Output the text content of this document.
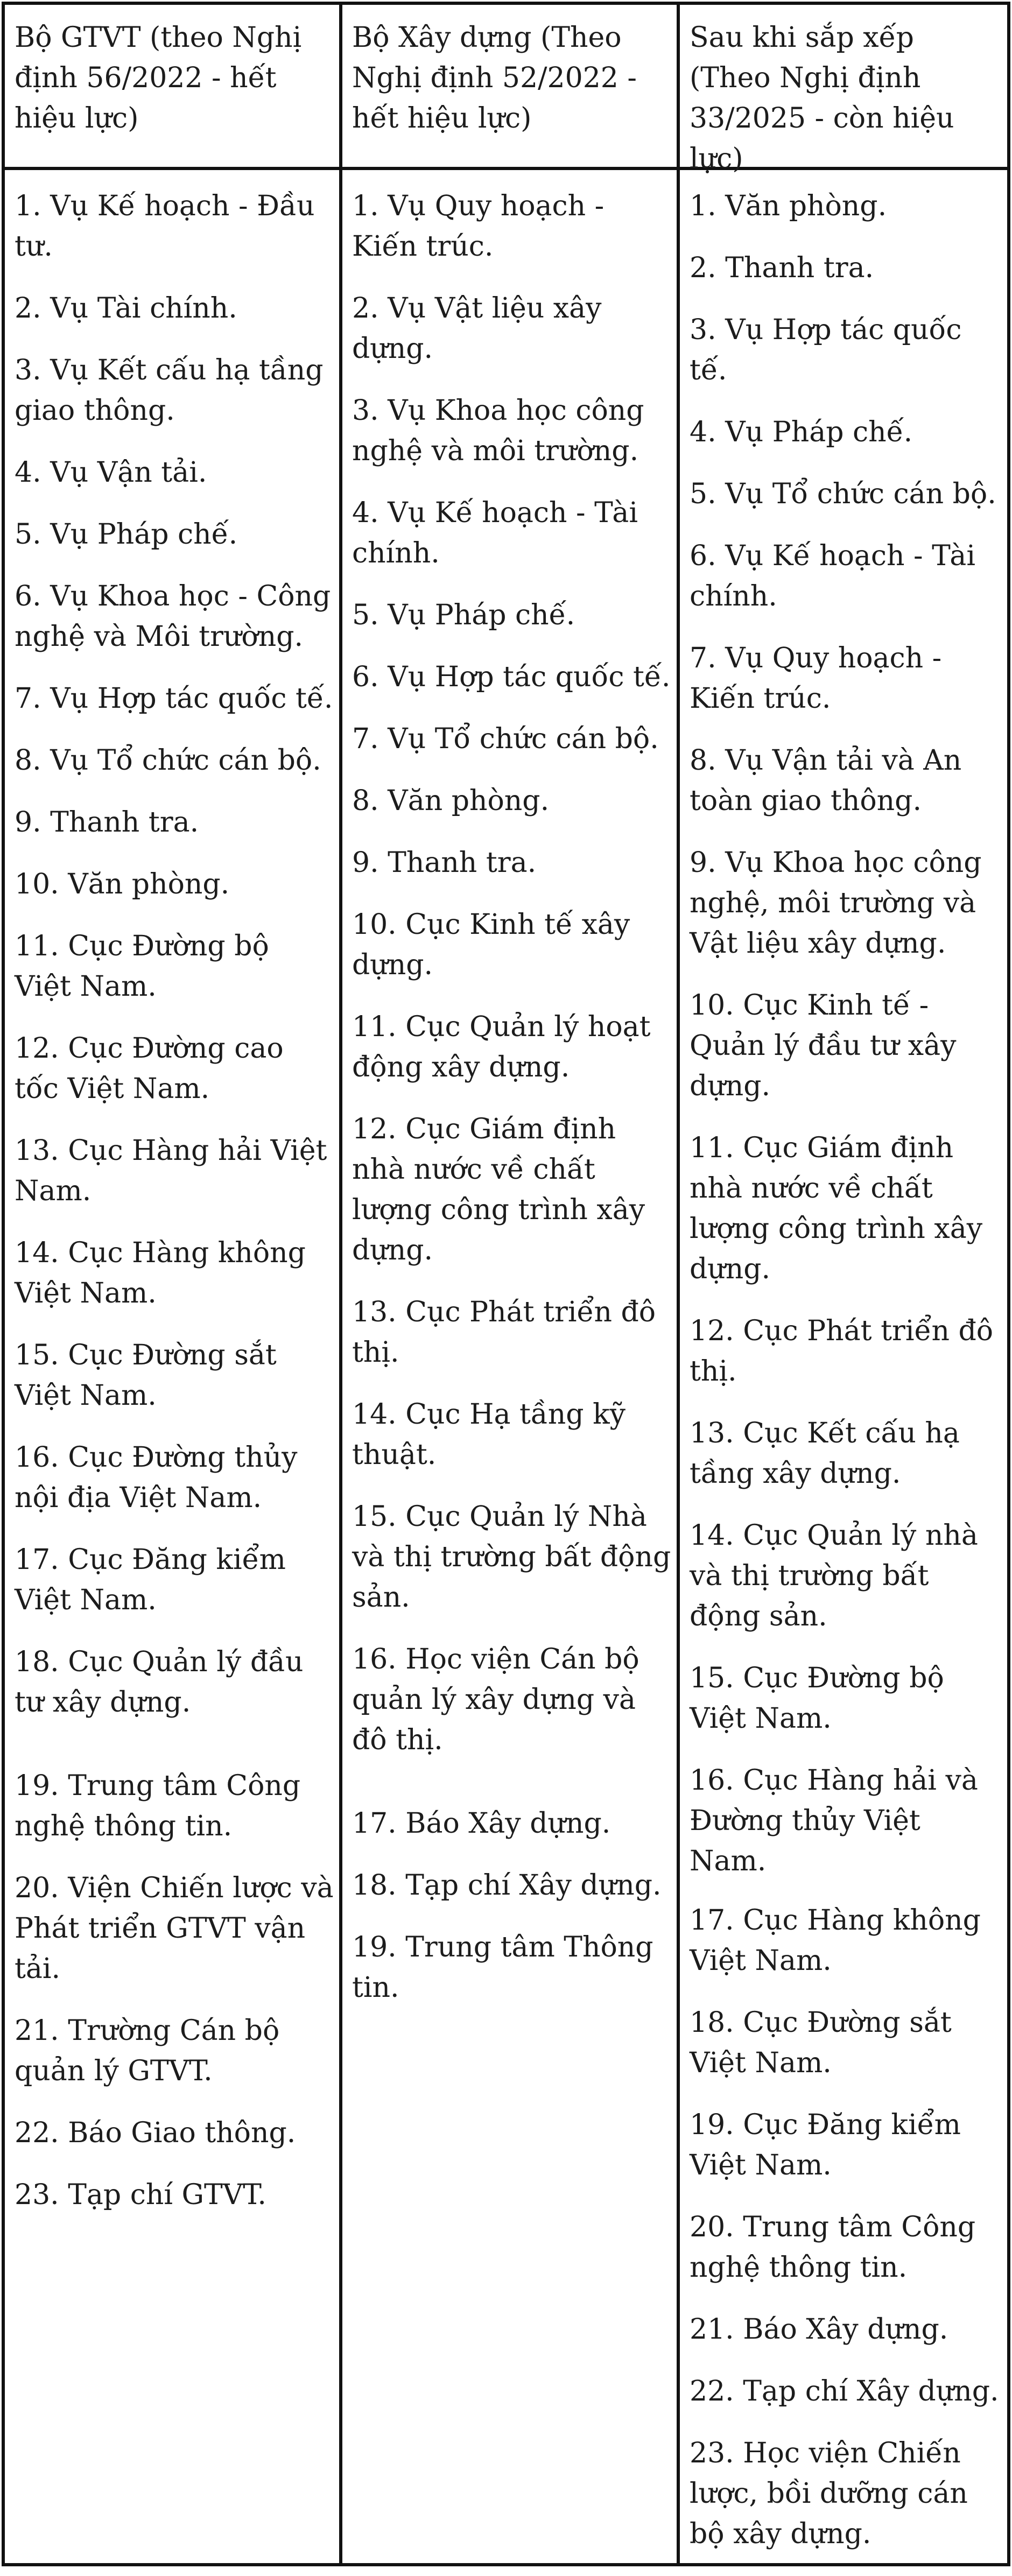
Bộ GTVT (theo Nghị định 56/2022 - hết hiệu lực)
1. Vụ Kế hoạch - Đầu tư.
2. Vụ Tài chính.
3. Vụ Kết cấu hạ tầng giao thông.
4. Vụ Vận tải.
5. Vụ Pháp chế.
6. Vụ Khoa học - Công nghệ và Môi trường.
7. Vụ Hợp tác quốc tế.
8. Vụ Tổ chức cán bộ.
9. Thanh tra.
10. Văn phòng.
11. Cục Đường bộ Việt Nam.
12. Cục Đường cao tốc Việt Nam.
13. Cục Hàng hải Việt Nam.
14. Cục Hàng không Việt Nam.
15. Cục Đường sắt Việt Nam.
16. Cục Đường thủy nội địa Việt Nam.
17. Cục Đăng kiểm Việt Nam.
18. Cục Quản lý đầu tư xây dựng.
19. Trung tâm Công nghệ thông tin.
20. Viện Chiến lược và Phát triển GTVT vận tải.
21. Trường Cán bộ quản lý GTVT.
22. Báo Giao thông.
23. Tạp chí GTVT.
Bộ Xây dựng (Theo Nghị định 52/2022 - hết hiệu lực)
1. Vụ Quy hoạch - Kiến trúc.
2. Vụ Vật liệu xây dựng.
3. Vụ Khoa học công nghệ và môi trường.
4. Vụ Kế hoạch - Tài chính.
5. Vụ Pháp chế.
6. Vụ Hợp tác quốc tế.
7. Vụ Tổ chức cán bộ.
8. Văn phòng.
9. Thanh tra.
10. Cục Kinh tế xây dựng.
11. Cục Quản lý hoạt động xây dựng.
12. Cục Giám định nhà nước về chất lượng công trình xây dựng.
13. Cục Phát triển đô thị.
14. Cục Hạ tầng kỹ thuật.
15. Cục Quản lý Nhà và thị trường bất động sản.
16. Học viện Cán bộ quản lý xây dựng và đô thị.
17. Báo Xây dựng.
18. Tạp chí Xây dựng.
19. Trung tâm Thông tin.
Sau khi sắp xếp (Theo Nghị định 33/2025 - còn hiệu lực)
1. Văn phòng.
2. Thanh tra.
3. Vụ Hợp tác quốc tế.
4. Vụ Pháp chế.
5. Vụ Tổ chức cán bộ.
6. Vụ Kế hoạch - Tài chính.
7. Vụ Quy hoạch - Kiến trúc.
8. Vụ Vận tải và An toàn giao thông.
9. Vụ Khoa học công nghệ, môi trường và Vật liệu xây dựng.
10. Cục Kinh tế - Quản lý đầu tư xây dựng.
11. Cục Giám định nhà nước về chất lượng công trình xây dựng.
12. Cục Phát triển đô thị.
13. Cục Kết cấu hạ tầng xây dựng.
14. Cục Quản lý nhà và thị trường bất động sản.
15. Cục Đường bộ Việt Nam.
16. Cục Hàng hải và Đường thủy Việt Nam.
17. Cục Hàng không Việt Nam.
18. Cục Đường sắt Việt Nam.
19. Cục Đăng kiểm Việt Nam.
20. Trung tâm Công nghệ thông tin.
21. Báo Xây dựng.
22. Tạp chí Xây dựng.
23. Học viện Chiến lược, bồi dưỡng cán bộ xây dựng.
